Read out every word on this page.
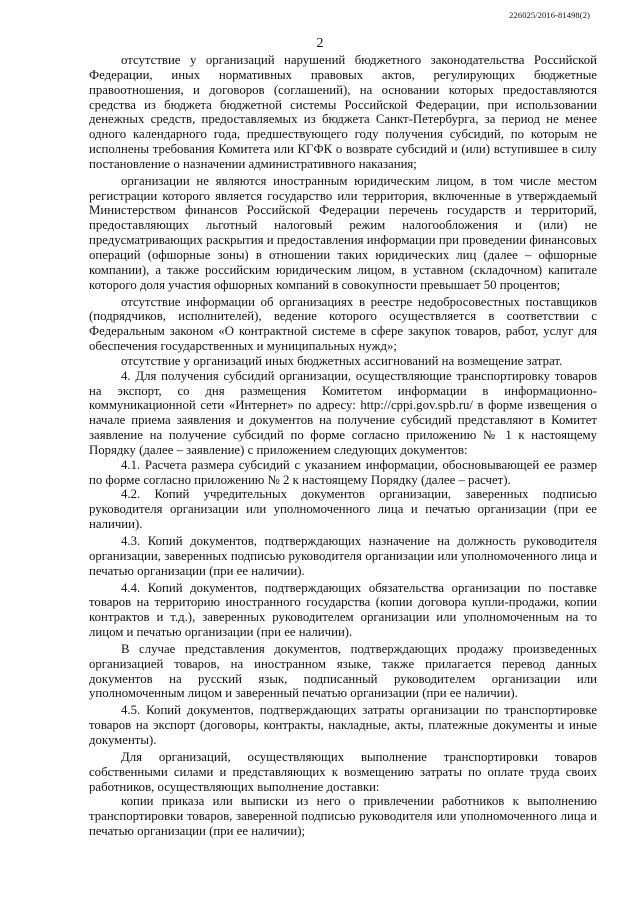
226025/2016-81498(2)
2

отсутствие у организаций нарушений бюджетного законодательства Российской Федерации, иных нормативных правовых актов, регулирующих бюджетные правоотношения, и договоров (соглашений), на основании которых предоставляются средства из бюджета бюджетной системы Российской Федерации, при использовании денежных средств, предоставляемых из бюджета Санкт-Петербурга, за период не менее одного календарного года, предшествующего году получения субсидий, по которым не исполнены требования Комитета или КГФК о возврате субсидий и (или) вступившее в силу постановление о назначении административного наказания;

организации не являются иностранным юридическим лицом, в том числе местом регистрации которого является государство или территория, включенные в утверждаемый Министерством финансов Российской Федерации перечень государств и территорий, предоставляющих льготный налоговый режим налогообложения и (или) не предусматривающих раскрытия и предоставления информации при проведении финансовых операций (офшорные зоны) в отношении таких юридических лиц (далее – офшорные компании), а также российским юридическим лицом, в уставном (складочном) капитале которого доля участия офшорных компаний в совокупности превышает 50 процентов;

отсутствие информации об организациях в реестре недобросовестных поставщиков (подрядчиков, исполнителей), ведение которого осуществляется в соответствии с Федеральным законом «О контрактной системе в сфере закупок товаров, работ, услуг для обеспечения государственных и муниципальных нужд»;

отсутствие у организаций иных бюджетных ассигнований на возмещение затрат.

4. Для получения субсидий организации, осуществляющие транспортировку товаров на экспорт, со дня размещения Комитетом информации в информационно-коммуникационной сети «Интернет» по адресу: http://cppi.gov.spb.ru/ в форме извещения о начале приема заявления и документов на получение субсидий представляют в Комитет заявление на получение субсидий по форме согласно приложению № 1 к настоящему Порядку (далее – заявление) с приложением следующих документов:

4.1. Расчета размера субсидий с указанием информации, обосновывающей ее размер по форме согласно приложению № 2 к настоящему Порядку (далее – расчет).

4.2. Копий учредительных документов организации, заверенных подписью руководителя организации или уполномоченного лица и печатью организации (при ее наличии).

4.3. Копий документов, подтверждающих назначение на должность руководителя организации, заверенных подписью руководителя организации или уполномоченного лица и печатью организации (при ее наличии).

4.4. Копий документов, подтверждающих обязательства организации по поставке товаров на территорию иностранного государства (копии договора купли-продажи, копии контрактов и т.д.), заверенных руководителем организации или уполномоченным на то лицом и печатью организации (при ее наличии).

В случае представления документов, подтверждающих продажу произведенных организацией товаров, на иностранном языке, также прилагается перевод данных документов на русский язык, подписанный руководителем организации или уполномоченным лицом и заверенный печатью организации (при ее наличии).

4.5. Копий документов, подтверждающих затраты организации по транспортировке товаров на экспорт (договоры, контракты, накладные, акты, платежные документы и иные документы).

Для организаций, осуществляющих выполнение транспортировки товаров собственными силами и представляющих к возмещению затраты по оплате труда своих работников, осуществляющих выполнение доставки:

копии приказа или выписки из него о привлечении работников к выполнению транспортировки товаров, заверенной подписью руководителя или уполномоченного лица и печатью организации (при ее наличии);
